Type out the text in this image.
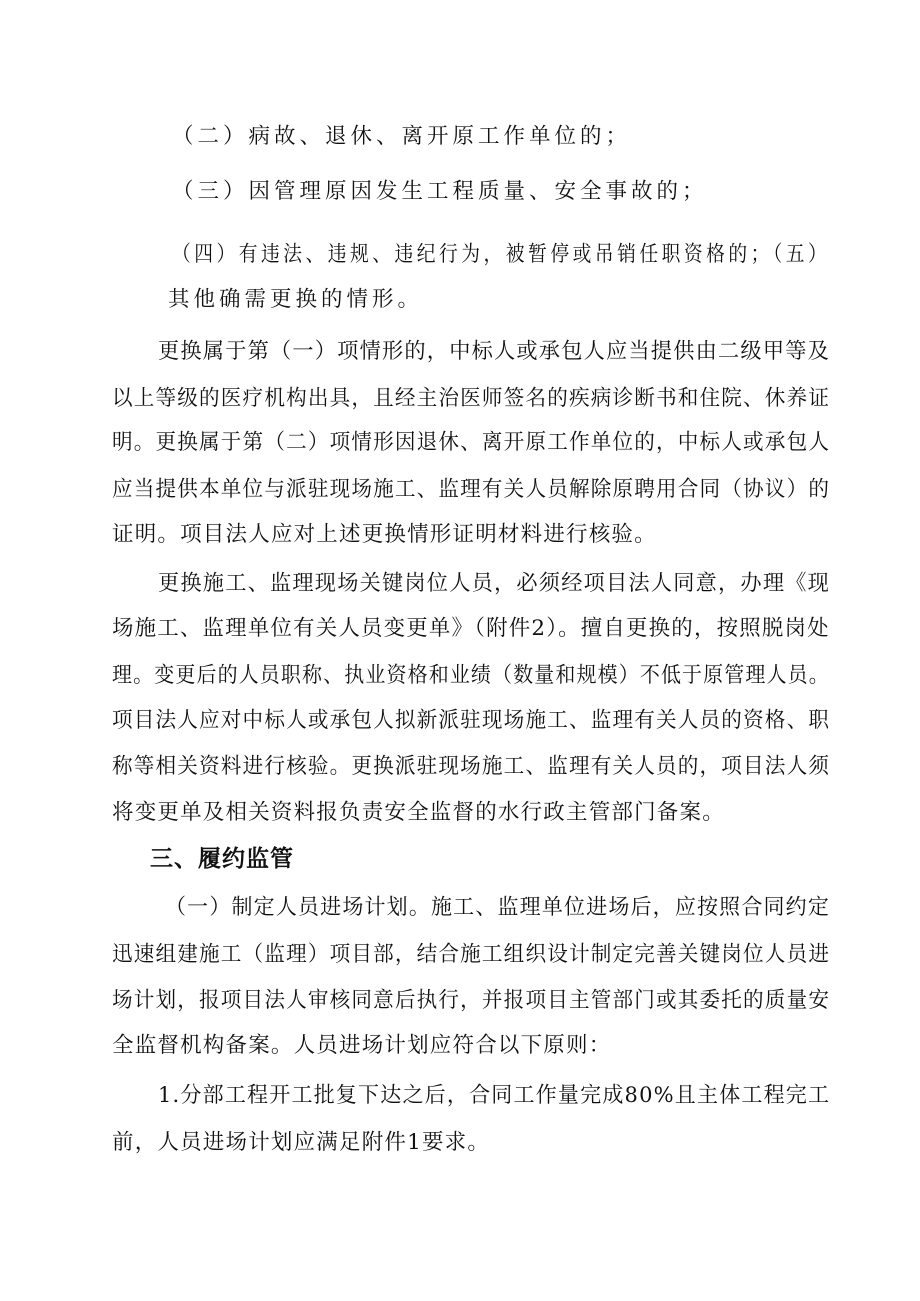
（二）病故、退休、离开原工作单位的；
（三）因管理原因发生工程质量、安全事故的；
（四）有违法、违规、违纪行为，被暂停或吊销任职资格的；（五）
其他确需更换的情形。
更换属于第（一）项情形的，中标人或承包人应当提供由二级甲等及
以上等级的医疗机构出具，且经主治医师签名的疾病诊断书和住院、休养证
明。更换属于第（二）项情形因退休、离开原工作单位的，中标人或承包人
应当提供本单位与派驻现场施工、监理有关人员解除原聘用合同（协议）的
证明。项目法人应对上述更换情形证明材料进行核验。
更换施工、监理现场关键岗位人员，必须经项目法人同意，办理《现
场施工、监理单位有关人员变更单》（附件2）。擅自更换的，按照脱岗处
理。变更后的人员职称、执业资格和业绩（数量和规模）不低于原管理人员。
项目法人应对中标人或承包人拟新派驻现场施工、监理有关人员的资格、职
称等相关资料进行核验。更换派驻现场施工、监理有关人员的，项目法人须
将变更单及相关资料报负责安全监督的水行政主管部门备案。
三、履约监管
（一）制定人员进场计划。施工、监理单位进场后，应按照合同约定
迅速组建施工（监理）项目部，结合施工组织设计制定完善关键岗位人员进
场计划，报项目法人审核同意后执行，并报项目主管部门或其委托的质量安
全监督机构备案。人员进场计划应符合以下原则：
1.分部工程开工批复下达之后，合同工作量完成80%且主体工程完工
前，人员进场计划应满足附件1要求。
